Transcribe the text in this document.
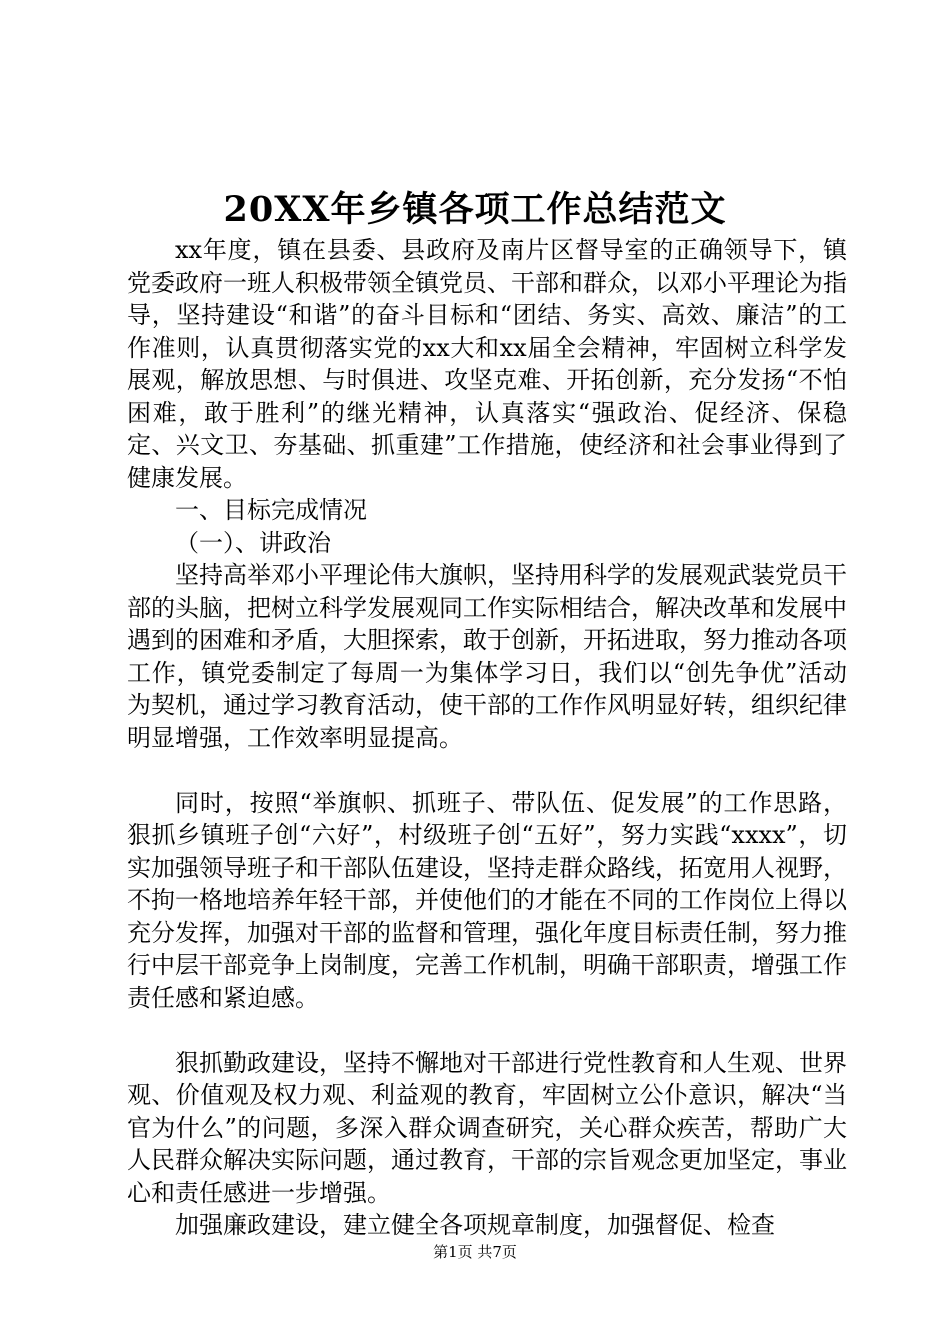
20XX年乡镇各项工作总结范文

xx年度，镇在县委、县政府及南片区督导室的正确领导下，镇党委政府一班人积极带领全镇党员、干部和群众，以邓小平理论为指导，坚持建设“和谐”的奋斗目标和“团结、务实、高效、廉洁”的工作准则，认真贯彻落实党的xx大和xx届全会精神，牢固树立科学发展观，解放思想、与时俱进、攻坚克难、开拓创新，充分发扬“不怕困难，敢于胜利”的继光精神，认真落实“强政治、促经济、保稳定、兴文卫、夯基础、抓重建”工作措施，使经济和社会事业得到了健康发展。

一、目标完成情况

（一）、讲政治

坚持高举邓小平理论伟大旗帜，坚持用科学的发展观武装党员干部的头脑，把树立科学发展观同工作实际相结合，解决改革和发展中遇到的困难和矛盾，大胆探索，敢于创新，开拓进取，努力推动各项工作，镇党委制定了每周一为集体学习日，我们以“创先争优”活动为契机，通过学习教育活动，使干部的工作作风明显好转，组织纪律明显增强，工作效率明显提高。

同时，按照“举旗帜、抓班子、带队伍、促发展”的工作思路，狠抓乡镇班子创“六好”，村级班子创“五好”，努力实践“xxxx”，切实加强领导班子和干部队伍建设，坚持走群众路线，拓宽用人视野，不拘一格地培养年轻干部，并使他们的才能在不同的工作岗位上得以充分发挥，加强对干部的监督和管理，强化年度目标责任制，努力推行中层干部竞争上岗制度，完善工作机制，明确干部职责，增强工作责任感和紧迫感。

狠抓勤政建设，坚持不懈地对干部进行党性教育和人生观、世界观、价值观及权力观、利益观的教育，牢固树立公仆意识，解决“当官为什么”的问题，多深入群众调查研究，关心群众疾苦，帮助广大人民群众解决实际问题，通过教育，干部的宗旨观念更加坚定，事业心和责任感进一步增强。

加强廉政建设，建立健全各项规章制度，加强督促、检查

第1页 共7页
